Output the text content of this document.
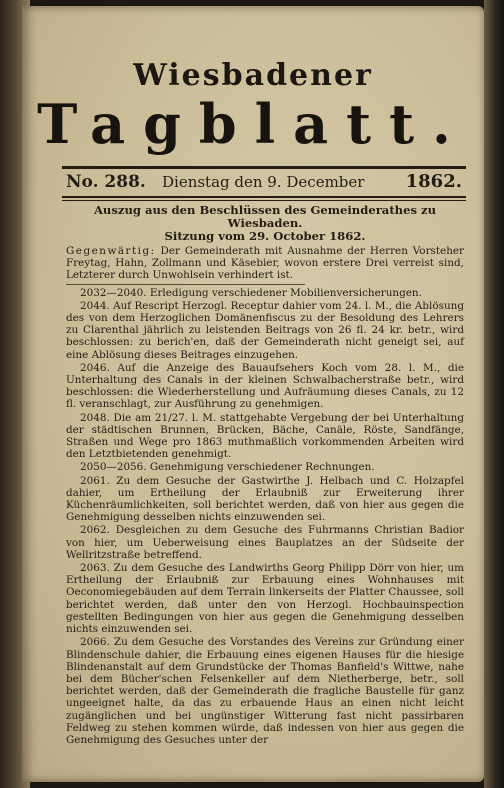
Wiesbadener
Tagblatt.
No. 288. Dienstag den 9. December 1862.
Auszug aus den Beschlüssen des Gemeinderathes zu Wiesbaden.
Sitzung vom 29. October 1862.

Gegenwärtig: Der Gemeinderath mit Ausnahme der Herren Vorsteher Freytag, Hahn, Zollmann und Käsebier, wovon erstere Drei verreist sind, Letzterer durch Unwohlsein verhindert ist.

2032—2040. Erledigung verschiedener Mobilienversicherungen.

2044. Auf Rescript Herzogl. Receptur dahier vom 24. l. M., die Ablösung des von dem Herzoglichen Domänenfiscus zu der Besoldung des Lehrers zu Clarenthal jährlich zu leistenden Beitrags von 26 fl. 24 kr. betr., wird beschlossen: zu berich'en, daß der Gemeinderath nicht geneigt sei, auf eine Ablösung dieses Beitrages einzugehen.

2046. Auf die Anzeige des Bauaufsehers Koch vom 28. l. M., die Unterhaltung des Canals in der kleinen Schwalbacherstraße betr., wird beschlossen: die Wiederherstellung und Aufräumung dieses Canals, zu 12 fl. veranschlagt, zur Ausführung zu genehmigen.

2048. Die am 21/27. l. M. stattgehabte Vergebung der bei Unterhaltung der städtischen Brunnen, Brücken, Bäche, Canäle, Röste, Sandfänge, Straßen und Wege pro 1863 muthmaßlich vorkommenden Arbeiten wird den Letztbietenden genehmigt.

2050—2056. Genehmigung verschiedener Rechnungen.

2061. Zu dem Gesuche der Gastwirthe J. Helbach und C. Holzapfel dahier, um Ertheilung der Erlaubniß zur Erweiterung ihrer Küchenräumlichkeiten, soll berichtet werden, daß von hier aus gegen die Genehmigung desselben nichts einzuwenden sei.

2062. Desgleichen zu dem Gesuche des Fuhrmanns Christian Badior von hier, um Ueberweisung eines Bauplatzes an der Südseite der Wellritzstraße betreffend.

2063. Zu dem Gesuche des Landwirths Georg Philipp Dörr von hier, um Ertheilung der Erlaubniß zur Erbauung eines Wohnhauses mit Oeconomiegebäuden auf dem Terrain linkerseits der Platter Chaussee, soll berichtet werden, daß unter den von Herzogl. Hochbauinspection gestellten Bedingungen von hier aus gegen die Genehmigung desselben nichts einzuwenden sei.

2066. Zu dem Gesuche des Vorstandes des Vereins zur Gründung einer Blindenschule dahier, die Erbauung eines eigenen Hauses für die hiesige Blindenanstalt auf dem Grundstücke der Thomas Banfield's Wittwe, nahe bei dem Bücher'schen Felsenkeller auf dem Nietherberge, betr., soll berichtet werden, daß der Gemeinderath die fragliche Baustelle für ganz ungeeignet halte, da das zu erbauende Haus an einen nicht leicht zugänglichen und bei ungünstiger Witterung fast nicht passirbaren Feldweg zu stehen kommen würde, daß indessen von hier aus gegen die Genehmigung des Gesuches unter der
